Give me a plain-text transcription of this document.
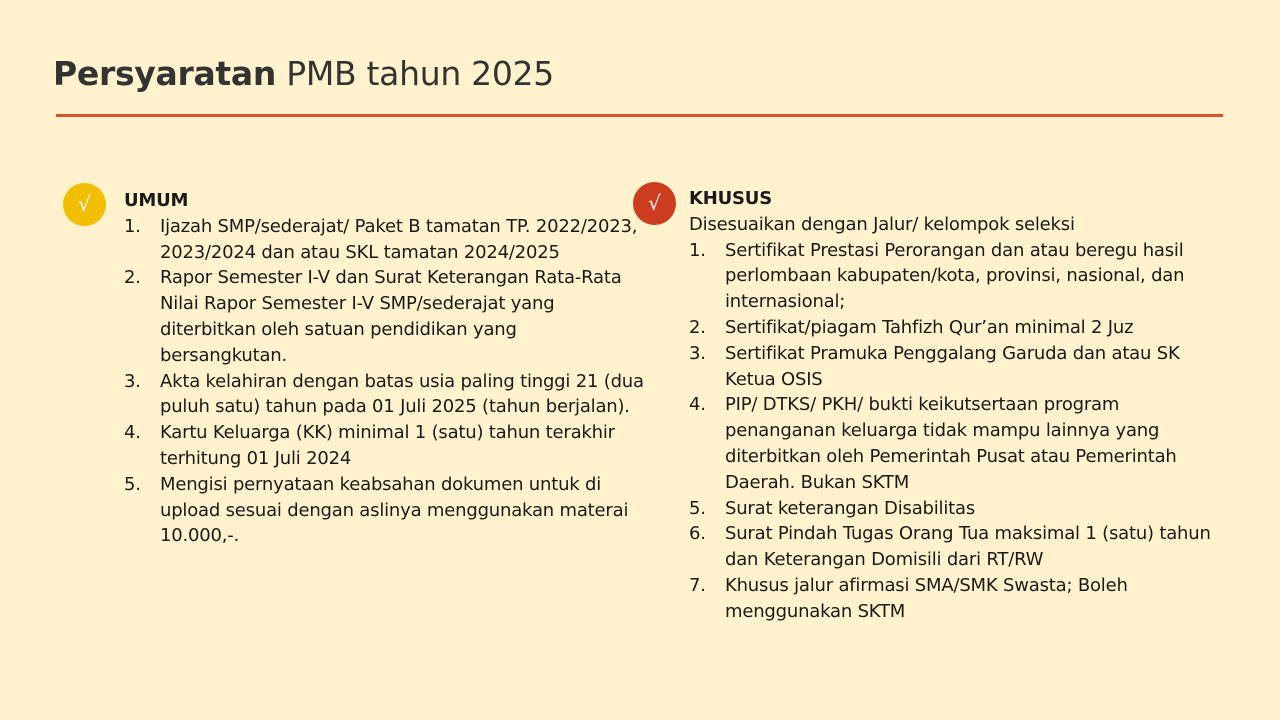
Persyaratan PMB tahun 2025
√	UMUM
1. Ijazah SMP/sederajat/ Paket B tamatan TP. 2022/2023, 2023/2024 dan atau SKL tamatan 2024/2025
2. Rapor Semester I-V dan Surat Keterangan Rata-Rata Nilai Rapor Semester I-V SMP/sederajat yang diterbitkan oleh satuan pendidikan yang bersangkutan.
3. Akta kelahiran dengan batas usia paling tinggi 21 (dua puluh satu) tahun pada 01 Juli 2025 (tahun berjalan).
4. Kartu Keluarga (KK) minimal 1 (satu) tahun terakhir terhitung 01 Juli 2024
5. Mengisi pernyataan keabsahan dokumen untuk di upload sesuai dengan aslinya menggunakan materai 10.000,-.
√	KHUSUS
Disesuaikan dengan Jalur/ kelompok seleksi
1. Sertifikat Prestasi Perorangan dan atau beregu hasil perlombaan kabupaten/kota, provinsi, nasional, dan internasional;
2. Sertifikat/piagam Tahfizh Qur’an minimal 2 Juz
3. Sertifikat Pramuka Penggalang Garuda dan atau SK Ketua OSIS
4. PIP/ DTKS/ PKH/ bukti keikutsertaan program penanganan keluarga tidak mampu lainnya yang diterbitkan oleh Pemerintah Pusat atau Pemerintah Daerah. Bukan SKTM
5. Surat keterangan Disabilitas
6. Surat Pindah Tugas Orang Tua maksimal 1 (satu) tahun dan Keterangan Domisili dari RT/RW
7. Khusus jalur afirmasi SMA/SMK Swasta; Boleh menggunakan SKTM
